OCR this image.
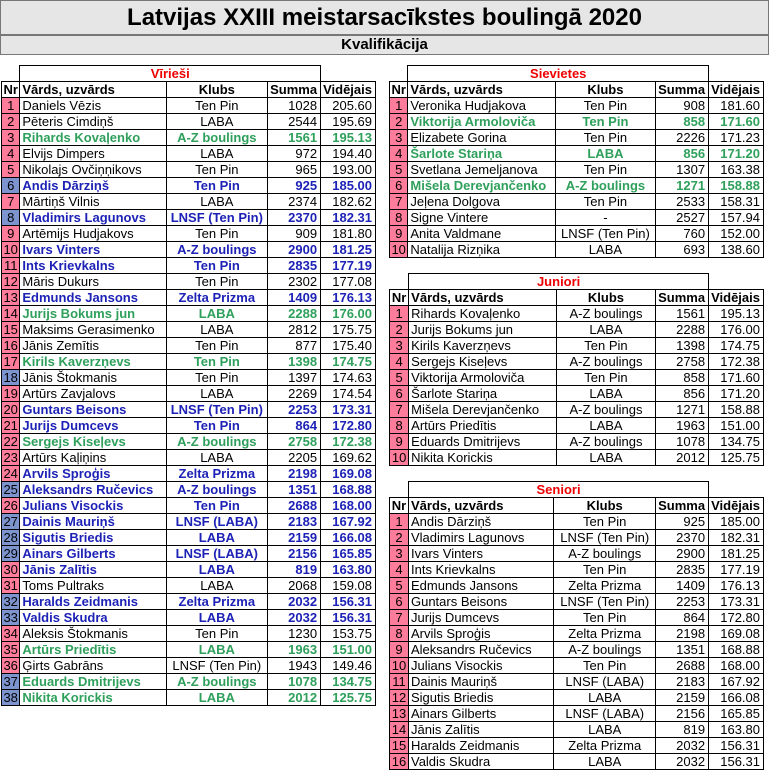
Latvijas XXIII meistarsacīkstes boulingā 2020
Kvalifikācija
	Vīrieši			
Nr	Vārds, uzvārds	Klubs	Summa	Vidējais
1	Daniels Vēzis	Ten Pin	1028	205.60
2	Pēteris Cimdiņš	LABA	2544	195.69
3	Rihards Kovaļenko	A-Z boulings	1561	195.13
4	Elvijs Dimpers	LABA	972	194.40
5	Nikolajs Ovčiņņikovs	Ten Pin	965	193.00
6	Andis Dārziņš	Ten Pin	925	185.00
7	Mārtiņš Vilnis	LABA	2374	182.62
8	Vladimirs Lagunovs	LNSF (Ten Pin)	2370	182.31
9	Artēmijs Hudjakovs	Ten Pin	909	181.80
10	Ivars Vinters	A-Z boulings	2900	181.25
11	Ints Krievkalns	Ten Pin	2835	177.19
12	Māris Dukurs	Ten Pin	2302	177.08
13	Edmunds Jansons	Zelta Prizma	1409	176.13
14	Jurijs Bokums jun	LABA	2288	176.00
15	Maksims Gerasimenko	LABA	2812	175.75
16	Jānis Zemītis	Ten Pin	877	175.40
17	Kirils Kaverzņevs	Ten Pin	1398	174.75
18	Jānis Štokmanis	Ten Pin	1397	174.63
19	Artūrs Zavjalovs	LABA	2269	174.54
20	Guntars Beisons	LNSF (Ten Pin)	2253	173.31
21	Jurijs Dumcevs	Ten Pin	864	172.80
22	Sergejs Kiseļevs	A-Z boulings	2758	172.38
23	Artūrs Kaļiņins	LABA	2205	169.62
24	Arvils Sproģis	Zelta Prizma	2198	169.08
25	Aleksandrs Ručevics	A-Z boulings	1351	168.88
26	Julians Visockis	Ten Pin	2688	168.00
27	Dainis Mauriņš	LNSF (LABA)	2183	167.92
28	Sigutis Briedis	LABA	2159	166.08
29	Ainars Gilberts	LNSF (LABA)	2156	165.85
30	Jānis Zalītis	LABA	819	163.80
31	Toms Pultraks	LABA	2068	159.08
32	Haralds Zeidmanis	Zelta Prizma	2032	156.31
33	Valdis Skudra	LABA	2032	156.31
34	Aleksis Štokmanis	Ten Pin	1230	153.75
35	Artūrs Priedītis	LABA	1963	151.00
36	Ģirts Gabrāns	LNSF (Ten Pin)	1943	149.46
37	Eduards Dmitrijevs	A-Z boulings	1078	134.75
38	Nikita Korickis	LABA	2012	125.75
	Sievietes			
Nr	Vārds, uzvārds	Klubs	Summa	Vidējais
1	Veronika Hudjakova	Ten Pin	908	181.60
2	Viktorija Armoloviča	Ten Pin	858	171.60
3	Elizabete Gorina	Ten Pin	2226	171.23
4	Šarlote Stariņa	LABA	856	171.20
5	Svetlana Jemeljanova	Ten Pin	1307	163.38
6	Mišela Derevjančenko	A-Z boulings	1271	158.88
7	Jeļena Dolgova	Ten Pin	2533	158.31
8	Signe Vintere	-	2527	157.94
9	Anita Valdmane	LNSF (Ten Pin)	760	152.00
10	Natalija Rizņika	LABA	693	138.60
	Juniori			
Nr	Vārds, uzvārds	Klubs	Summa	Vidējais
1	Rihards Kovaļenko	A-Z boulings	1561	195.13
2	Jurijs Bokums jun	LABA	2288	176.00
3	Kirils Kaverzņevs	Ten Pin	1398	174.75
4	Sergejs Kiseļevs	A-Z boulings	2758	172.38
5	Viktorija Armoloviča	Ten Pin	858	171.60
6	Šarlote Stariņa	LABA	856	171.20
7	Mišela Derevjančenko	A-Z boulings	1271	158.88
8	Artūrs Priedītis	LABA	1963	151.00
9	Eduards Dmitrijevs	A-Z boulings	1078	134.75
10	Nikita Korickis	LABA	2012	125.75
	Seniori			
Nr	Vārds, uzvārds	Klubs	Summa	Vidējais
1	Andis Dārziņš	Ten Pin	925	185.00
2	Vladimirs Lagunovs	LNSF (Ten Pin)	2370	182.31
3	Ivars Vinters	A-Z boulings	2900	181.25
4	Ints Krievkalns	Ten Pin	2835	177.19
5	Edmunds Jansons	Zelta Prizma	1409	176.13
6	Guntars Beisons	LNSF (Ten Pin)	2253	173.31
7	Jurijs Dumcevs	Ten Pin	864	172.80
8	Arvils Sproģis	Zelta Prizma	2198	169.08
9	Aleksandrs Ručevics	A-Z boulings	1351	168.88
10	Julians Visockis	Ten Pin	2688	168.00
11	Dainis Mauriņš	LNSF (LABA)	2183	167.92
12	Sigutis Briedis	LABA	2159	166.08
13	Ainars Gilberts	LNSF (LABA)	2156	165.85
14	Jānis Zalītis	LABA	819	163.80
15	Haralds Zeidmanis	Zelta Prizma	2032	156.31
16	Valdis Skudra	LABA	2032	156.31
